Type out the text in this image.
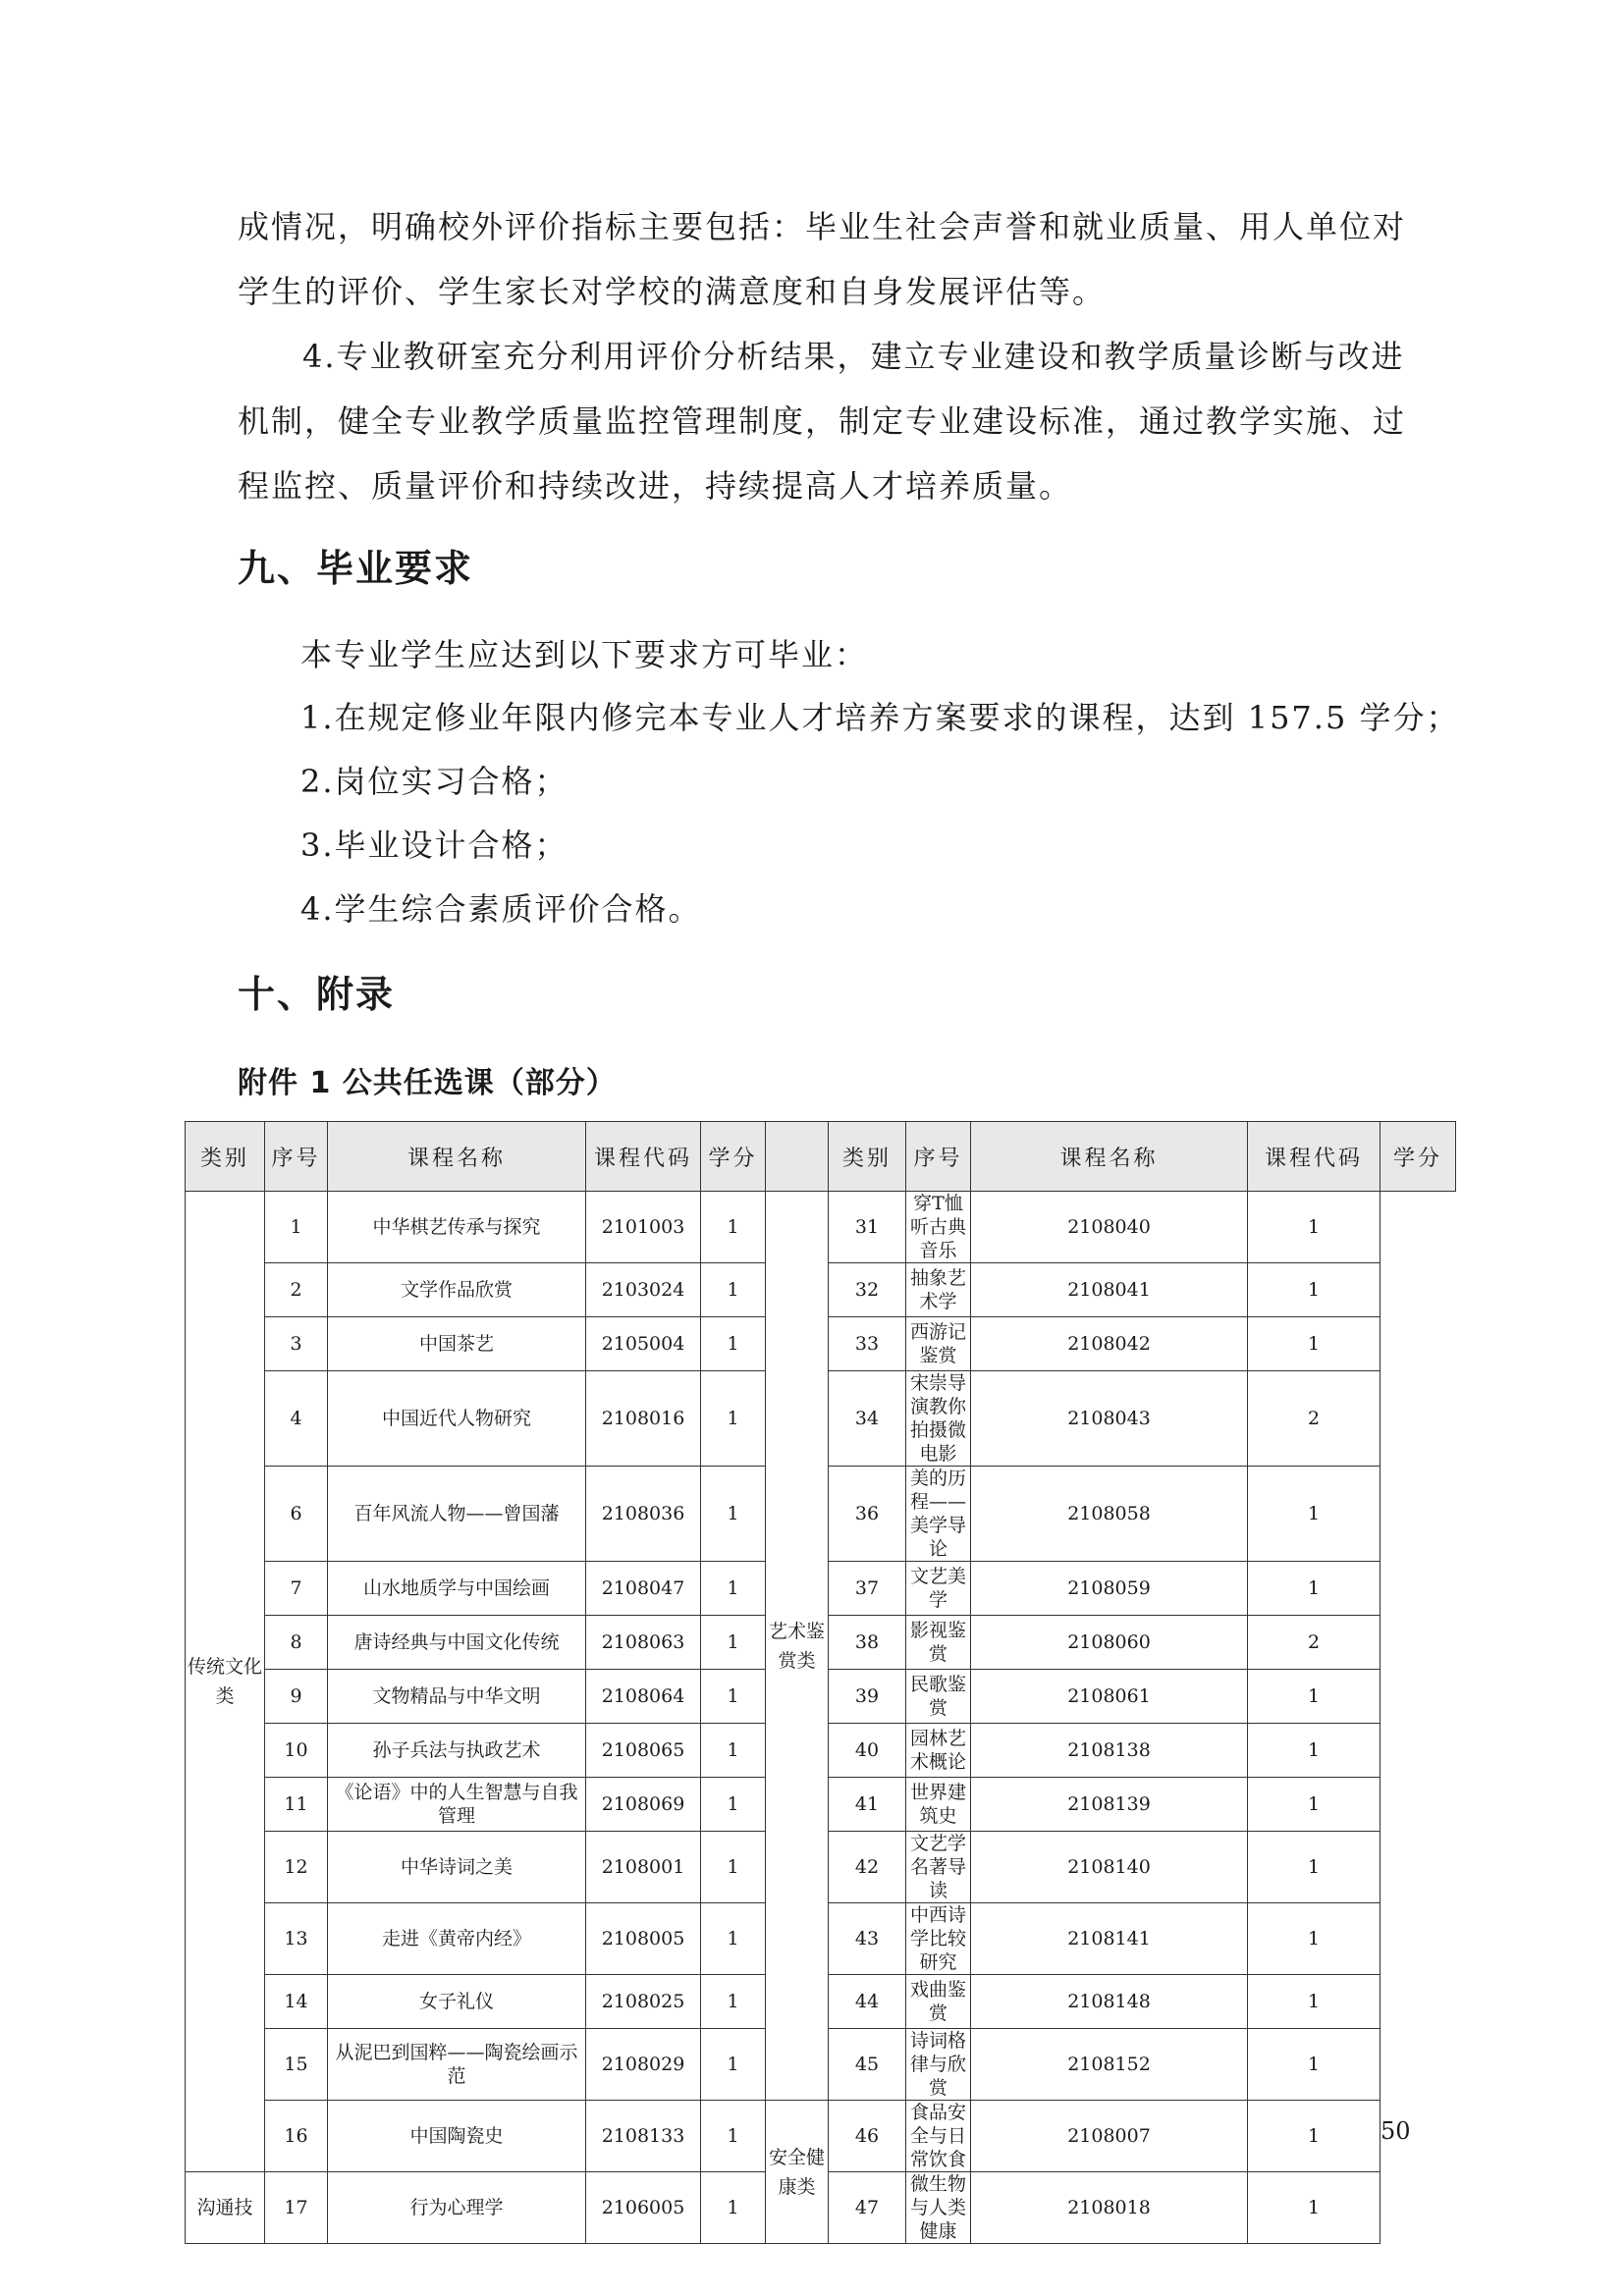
成情况，明确校外评价指标主要包括：毕业生社会声誉和就业质量、用人单位对学生的评价、学生家长对学校的满意度和自身发展评估等。

4.专业教研室充分利用评价分析结果，建立专业建设和教学质量诊断与改进机制，健全专业教学质量监控管理制度，制定专业建设标准，通过教学实施、过程监控、质量评价和持续改进，持续提高人才培养质量。

九、毕业要求

本专业学生应达到以下要求方可毕业：

1.在规定修业年限内修完本专业人才培养方案要求的课程，达到 157.5 学分；

2.岗位实习合格；

3.毕业设计合格；

4.学生综合素质评价合格。

十、附录
附件 1 公共任选课（部分）
类别	序号	课程名称	课程代码	学分		类别	序号	课程名称	课程代码	学分
传统文化类	1	中华棋艺传承与探究	2101003	1	艺术鉴赏类	31	穿T恤听古典音乐	2108040	1	
	2	文学作品欣赏	2103024	1		32	抽象艺术学	2108041	1	
	3	中国茶艺	2105004	1		33	西游记鉴赏	2108042	1	
	4	中国近代人物研究	2108016	1		34	宋崇导演教你拍摄微电影	2108043	2	
	6	百年风流人物——曾国藩	2108036	1		36	美的历程——美学导论	2108058	1	
	7	山水地质学与中国绘画	2108047	1		37	文艺美学	2108059	1	
	8	唐诗经典与中国文化传统	2108063	1		38	影视鉴赏	2108060	2	
	9	文物精品与中华文明	2108064	1		39	民歌鉴赏	2108061	1	
	10	孙子兵法与执政艺术	2108065	1		40	园林艺术概论	2108138	1	
	11	《论语》中的人生智慧与自我管理	2108069	1		41	世界建筑史	2108139	1	
	12	中华诗词之美	2108001	1		42	文艺学名著导读	2108140	1	
	13	走进《黄帝内经》	2108005	1		43	中西诗学比较研究	2108141	1	
	14	女子礼仪	2108025	1		44	戏曲鉴赏	2108148	1	
	15	从泥巴到国粹——陶瓷绘画示范	2108029	1		45	诗词格律与欣赏	2108152	1	
	16	中国陶瓷史	2108133	1	安全健康类	46	食品安全与日常饮食	2108007	1	
沟通技	17	行为心理学	2106005	1		47	微生物与人类健康	2108018	1	

50
